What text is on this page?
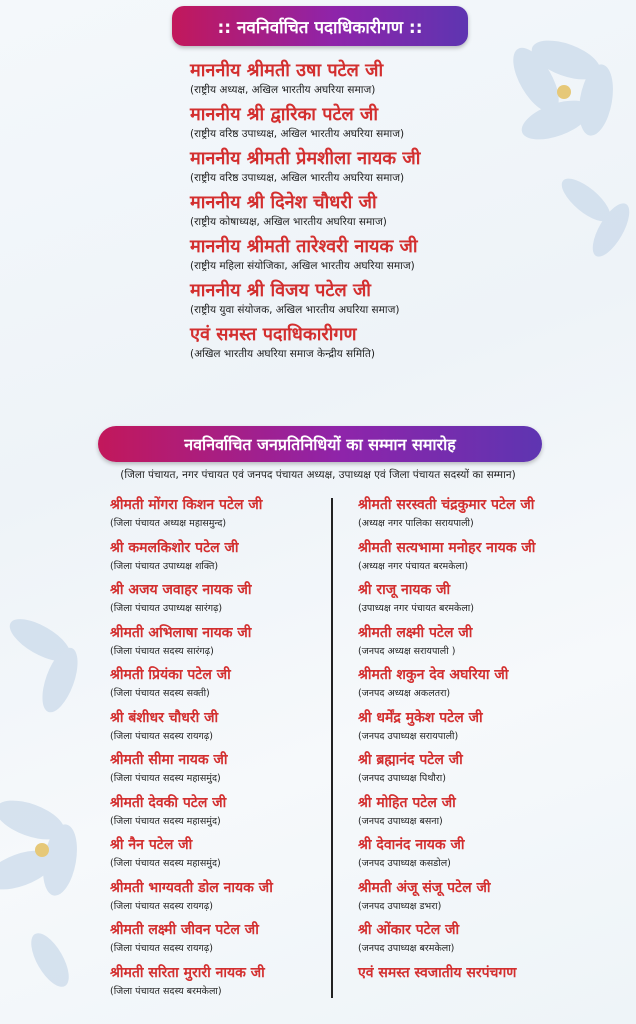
:: नवनिर्वाचित पदाधिकारीगण ::
माननीय श्रीमती उषा पटेल जी
(राष्ट्रीय अध्यक्ष, अखिल भारतीय अघरिया समाज)
माननीय श्री द्वारिका पटेल जी
(राष्ट्रीय वरिष्ठ उपाध्यक्ष, अखिल भारतीय अघरिया समाज)
माननीय श्रीमती प्रेमशीला नायक जी
(राष्ट्रीय वरिष्ठ उपाध्यक्ष, अखिल भारतीय अघरिया समाज)
माननीय श्री दिनेश चौधरी जी
(राष्ट्रीय कोषाध्यक्ष, अखिल भारतीय अघरिया समाज)
माननीय श्रीमती तारेश्वरी नायक जी
(राष्ट्रीय महिला संयोजिका, अखिल भारतीय अघरिया समाज)
माननीय श्री विजय पटेल जी
(राष्ट्रीय युवा संयोजक, अखिल भारतीय अघरिया समाज)
एवं समस्त पदाधिकारीगण
(अखिल भारतीय अघरिया समाज केन्द्रीय समिति)
नवनिर्वाचित जनप्रतिनिधियों का सम्मान समारोह
(जिला पंचायत, नगर पंचायत एवं जनपद पंचायत अध्यक्ष, उपाध्यक्ष एवं जिला पंचायत सदस्यों का सम्मान)
श्रीमती मोंगरा किशन पटेल जी
(जिला पंचायत अध्यक्ष महासमुन्द)
श्री कमलकिशोर पटेल जी
(जिला पंचायत उपाध्यक्ष शक्ति)
श्री अजय जवाहर नायक जी
(जिला पंचायत उपाध्यक्ष सारंगढ़)
श्रीमती अभिलाषा नायक जी
(जिला पंचायत सदस्य सारंगढ़)
श्रीमती प्रियंका पटेल जी
(जिला पंचायत सदस्य सक्ती)
श्री बंशीधर चौधरी जी
(जिला पंचायत सदस्य रायगढ़)
श्रीमती सीमा नायक जी
(जिला पंचायत सदस्य महासमुंद)
श्रीमती देवकी पटेल जी
(जिला पंचायत सदस्य महासमुंद)
श्री नैन पटेल जी
(जिला पंचायत सदस्य महासमुंद)
श्रीमती भाग्यवती डोल नायक जी
(जिला पंचायत सदस्य रायगढ़)
श्रीमती लक्ष्मी जीवन पटेल जी
(जिला पंचायत सदस्य रायगढ़)
श्रीमती सरिता मुरारी नायक जी
(जिला पंचायत सदस्य बरमकेला)
श्रीमती सरस्वती चंद्रकुमार पटेल जी
(अध्यक्ष नगर पालिका सरायपाली)
श्रीमती सत्यभामा मनोहर नायक जी
(अध्यक्ष नगर पंचायत बरमकेला)
श्री राजू नायक जी
(उपाध्यक्ष नगर पंचायत बरमकेला)
श्रीमती लक्ष्मी पटेल जी
(जनपद अध्यक्ष सरायपाली )
श्रीमती शकुन देव अघरिया जी
(जनपद अध्यक्ष अकलतरा)
श्री धर्मेंद्र मुकेश पटेल जी
(जनपद उपाध्यक्ष सरायपाली)
श्री ब्रह्मानंद पटेल जी
(जनपद उपाध्यक्ष पिथौरा)
श्री मोहित पटेल जी
(जनपद उपाध्यक्ष बसना)
श्री देवानंद नायक जी
(जनपद उपाध्यक्ष कसडोल)
श्रीमती अंजू संजू पटेल जी
(जनपद उपाध्यक्ष डभरा)
श्री ओंकार पटेल जी
(जनपद उपाध्यक्ष बरमकेला)
एवं समस्त स्वजातीय सरपंचगण
